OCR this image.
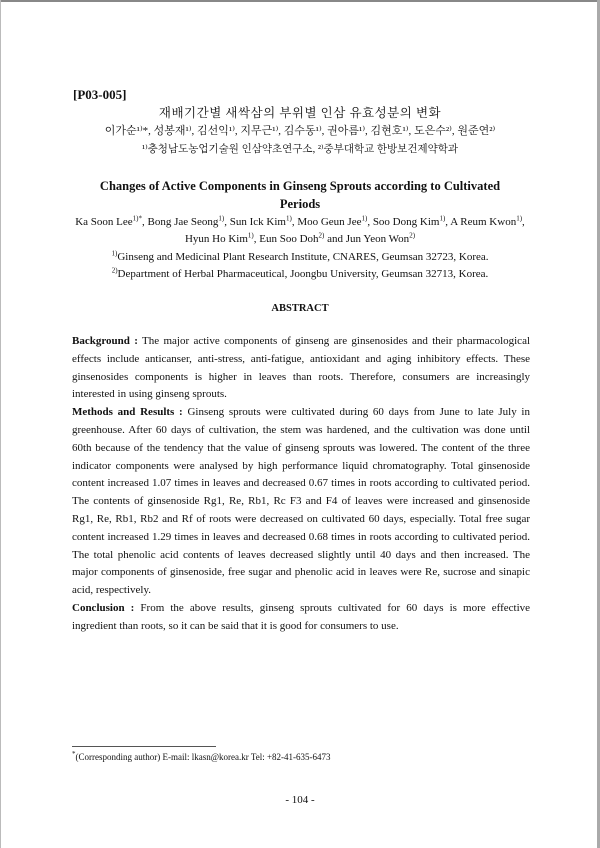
[P03-005]
재배기간별 새싹삼의 부위별 인삼 유효성분의 변화
이가순¹⁾*, 성봉재¹⁾, 김선익¹⁾, 지무근¹⁾, 김수동¹⁾, 권아름¹⁾, 김현호¹⁾, 도은수²⁾, 원준연²⁾
¹⁾충청남도농업기술원 인삼약초연구소, ²⁾중부대학교 한방보건제약학과
Changes of Active Components in Ginseng Sprouts according to Cultivated Periods
Ka Soon Lee$^{1)*}$, Bong Jae Seong$^{1)}$, Sun Ick Kim$^{1)}$, Moo Geun Jee$^{1)}$, Soo Dong Kim$^{1)}$, A Reum Kwon$^{1)}$, Hyun Ho Kim$^{1)}$, Eun Soo Doh$^{2)}$ and Jun Yeon Won$^{2)}$
$^{1)}$Ginseng and Medicinal Plant Research Institute, CNARES, Geumsan 32723, Korea.
$^{2)}$Department of Herbal Pharmaceutical, Joongbu University, Geumsan 32713, Korea.
ABSTRACT

Background : The major active components of ginseng are ginsenosides and their pharmacological effects include anticanser, anti-stress, anti-fatigue, antioxidant and aging inhibitory effects. These ginsenosides components is higher in leaves than roots. Therefore, consumers are increasingly interested in using ginseng sprouts.

Methods and Results : Ginseng sprouts were cultivated during 60 days from June to late July in greenhouse. After 60 days of cultivation, the stem was hardened, and the cultivation was done until 60th because of the tendency that the value of ginseng sprouts was lowered. The content of the three indicator components were analysed by high performance liquid chromatography. Total ginsenoside content increased 1.07 times in leaves and decreased 0.67 times in roots according to cultivated period. The contents of ginsenoside Rg1, Re, Rb1, Rc F3 and F4 of leaves were increased and ginsenoside Rg1, Re, Rb1, Rb2 and Rf of roots were decreased on cultivated 60 days, especially. Total free sugar content increased 1.29 times in leaves and decreased 0.68 times in roots according to cultivated period. The total phenolic acid contents of leaves decreased slightly until 40 days and then increased. The major components of ginsenoside, free sugar and phenolic acid in leaves were Re, sucrose and sinapic acid, respectively.

Conclusion : From the above results, ginseng sprouts cultivated for 60 days is more effective ingredient than roots, so it can be said that it is good for consumers to use.

*(Corresponding author) E-mail: lkasn@korea.kr Tel: +82-41-635-6473
- 104 -
